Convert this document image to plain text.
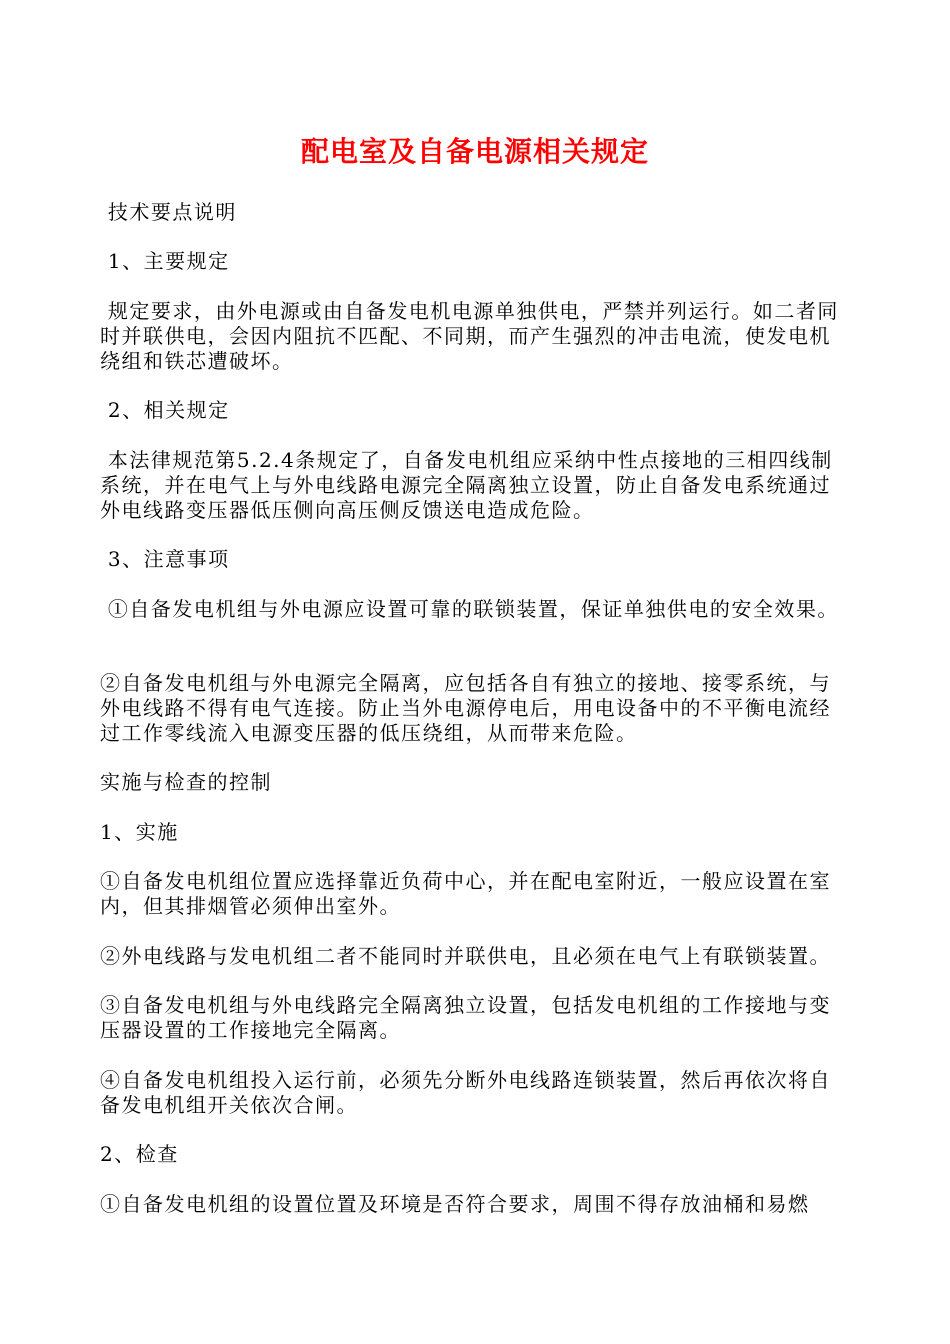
配电室及自备电源相关规定
技术要点说明
1、主要规定
规定要求，由外电源或由自备发电机电源单独供电，严禁并列运行。如二者同时并联供电，会因内阻抗不匹配、不同期，而产生强烈的冲击电流，使发电机绕组和铁芯遭破坏。
2、相关规定
本法律规范第5.2.4条规定了，自备发电机组应采纳中性点接地的三相四线制系统，并在电气上与外电线路电源完全隔离独立设置，防止自备发电系统通过外电线路变压器低压侧向高压侧反馈送电造成危险。
3、注意事项
①自备发电机组与外电源应设置可靠的联锁装置，保证单独供电的安全效果。
②自备发电机组与外电源完全隔离，应包括各自有独立的接地、接零系统，与外电线路不得有电气连接。防止当外电源停电后，用电设备中的不平衡电流经过工作零线流入电源变压器的低压绕组，从而带来危险。
实施与检查的控制
1、实施
①自备发电机组位置应选择靠近负荷中心，并在配电室附近，一般应设置在室内，但其排烟管必须伸出室外。
②外电线路与发电机组二者不能同时并联供电，且必须在电气上有联锁装置。
③自备发电机组与外电线路完全隔离独立设置，包括发电机组的工作接地与变压器设置的工作接地完全隔离。
④自备发电机组投入运行前，必须先分断外电线路连锁装置，然后再依次将自备发电机组开关依次合闸。
2、检查
①自备发电机组的设置位置及环境是否符合要求，周围不得存放油桶和易燃
